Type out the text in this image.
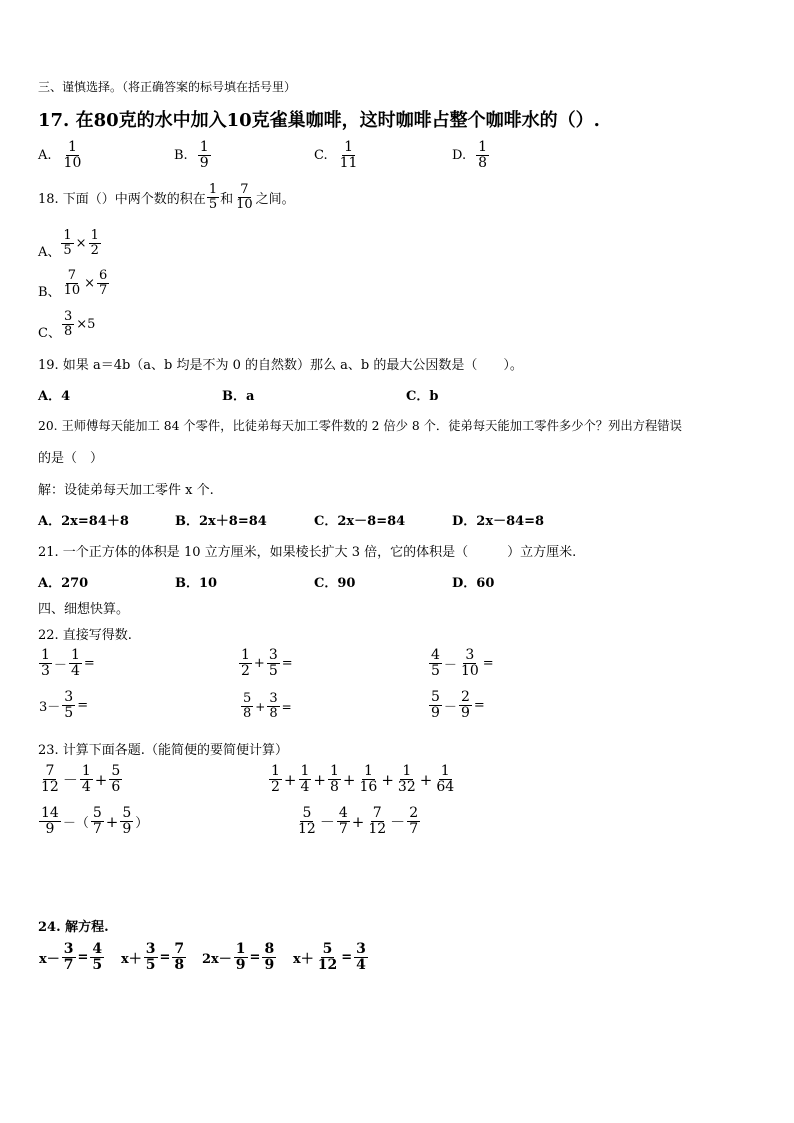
三、谨慎选择。（将正确答案的标号填在括号里）
17. 在80克的水中加入10克雀巢咖啡，这时咖啡占整个咖啡水的（）.
A. $\frac{1}{10}$	B. $\frac{1}{9}$	C. $\frac{1}{11}$	D. $\frac{1}{8}$
18. 下面（）中两个数的积在 $\frac{1}{5}$ 和 $\frac{7}{10}$ 之间。
A、 $\frac{1}{5} \times \frac{1}{2}$
B、 $\frac{7}{10} \times \frac{6}{7}$
C、 $\frac{3}{8} \times 5$
19. 如果 a＝4b（a、b 均是不为 0 的自然数）那么 a、b 的最大公因数是（　　）。
A．4	B．a	C．b
20. 王师傅每天能加工 84 个零件，比徒弟每天加工零件数的 2 倍少 8 个．徒弟每天能加工零件多少个？列出方程错误
的是（　）
解：设徒弟每天加工零件 x 个.
A．2x=84＋8	B．2x＋8=84	C．2x－8=84	D．2x－84=8
21. 一个正方体的体积是 10 立方厘米，如果棱长扩大 3 倍，它的体积是（　　　）立方厘米.
A．270	B．10	C．90	D．60
四、细想快算。
22. 直接写得数.
$\frac{1}{3} - \frac{1}{4}$ =	$\frac{1}{2} + \frac{3}{5}$ =	$\frac{4}{5} - \frac{3}{10}$ =
$3- \frac{3}{5}$ =	$\frac{5}{8} + \frac{3}{8}$ =	$\frac{5}{9} - \frac{2}{9}$ =
23. 计算下面各题.（能简便的要简便计算）
$\frac{7}{12} - \frac{1}{4} + \frac{5}{6}$	$\frac{1}{2} + \frac{1}{4} + \frac{1}{8} + \frac{1}{16} + \frac{1}{32} + \frac{1}{64}$
$\frac{14}{9}$ －（ $\frac{5}{7} + \frac{5}{9}$ ）	$\frac{5}{12} - \frac{4}{7} + \frac{7}{12} - \frac{2}{7}$
24. 解方程.
$x- \frac{3}{7} = \frac{4}{5} x+ \frac{3}{5} = \frac{7}{8} 2x- \frac{1}{9} = \frac{8}{9} x+ \frac{5}{12} = \frac{3}{4}$
